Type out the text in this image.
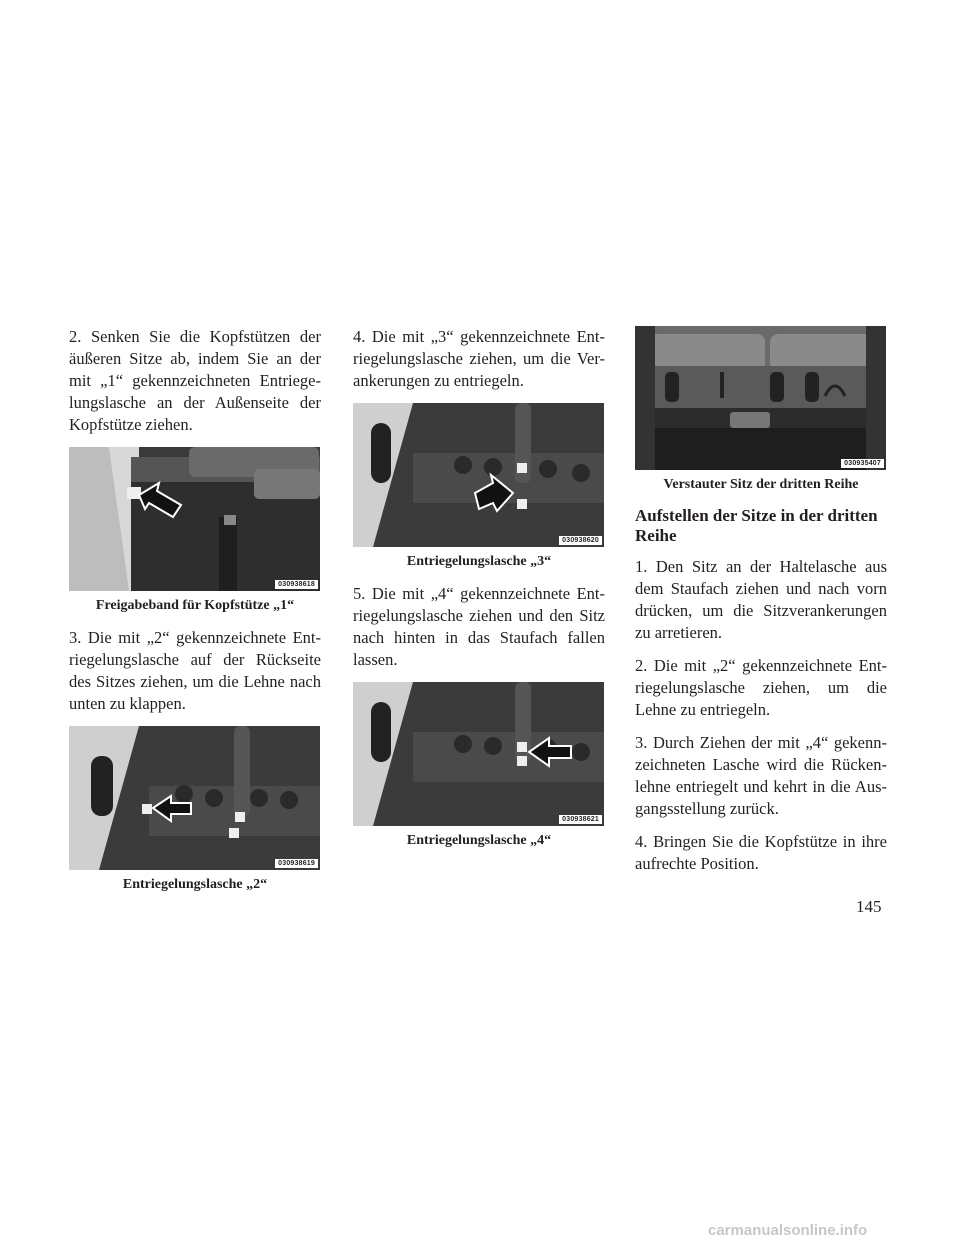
2. Senken Sie die Kopfstützen der äußeren Sitze ab, indem Sie an der mit „1“ gekennzeichneten Entriege-lungslasche an der Außenseite der Kopfstütze ziehen.

030938618
Freigabeband für Kopfstütze „1“

3. Die mit „2“ gekennzeichnete Ent-riegelungslasche auf der Rückseite des Sitzes ziehen, um die Lehne nach unten zu klappen.

030938619
Entriegelungslasche „2“

4. Die mit „3“ gekennzeichnete Ent-riegelungslasche ziehen, um die Ver-ankerungen zu entriegeln.

030938620
Entriegelungslasche „3“

5. Die mit „4“ gekennzeichnete Ent-riegelungslasche ziehen und den Sitz nach hinten in das Staufach fallen lassen.

030938621
Entriegelungslasche „4“
030935407
Verstauter Sitz der dritten Reihe
Aufstellen der Sitze in der dritten Reihe

1. Den Sitz an der Haltelasche aus dem Staufach ziehen und nach vorn drücken, um die Sitzverankerungen zu arretieren.

2. Die mit „2“ gekennzeichnete Ent-riegelungslasche ziehen, um die Lehne zu entriegeln.

3. Durch Ziehen der mit „4“ gekenn-zeichneten Lasche wird die Rücken-lehne entriegelt und kehrt in die Aus-gangsstellung zurück.

4. Bringen Sie die Kopfstütze in ihre aufrechte Position.

145
carmanualsonline.info
